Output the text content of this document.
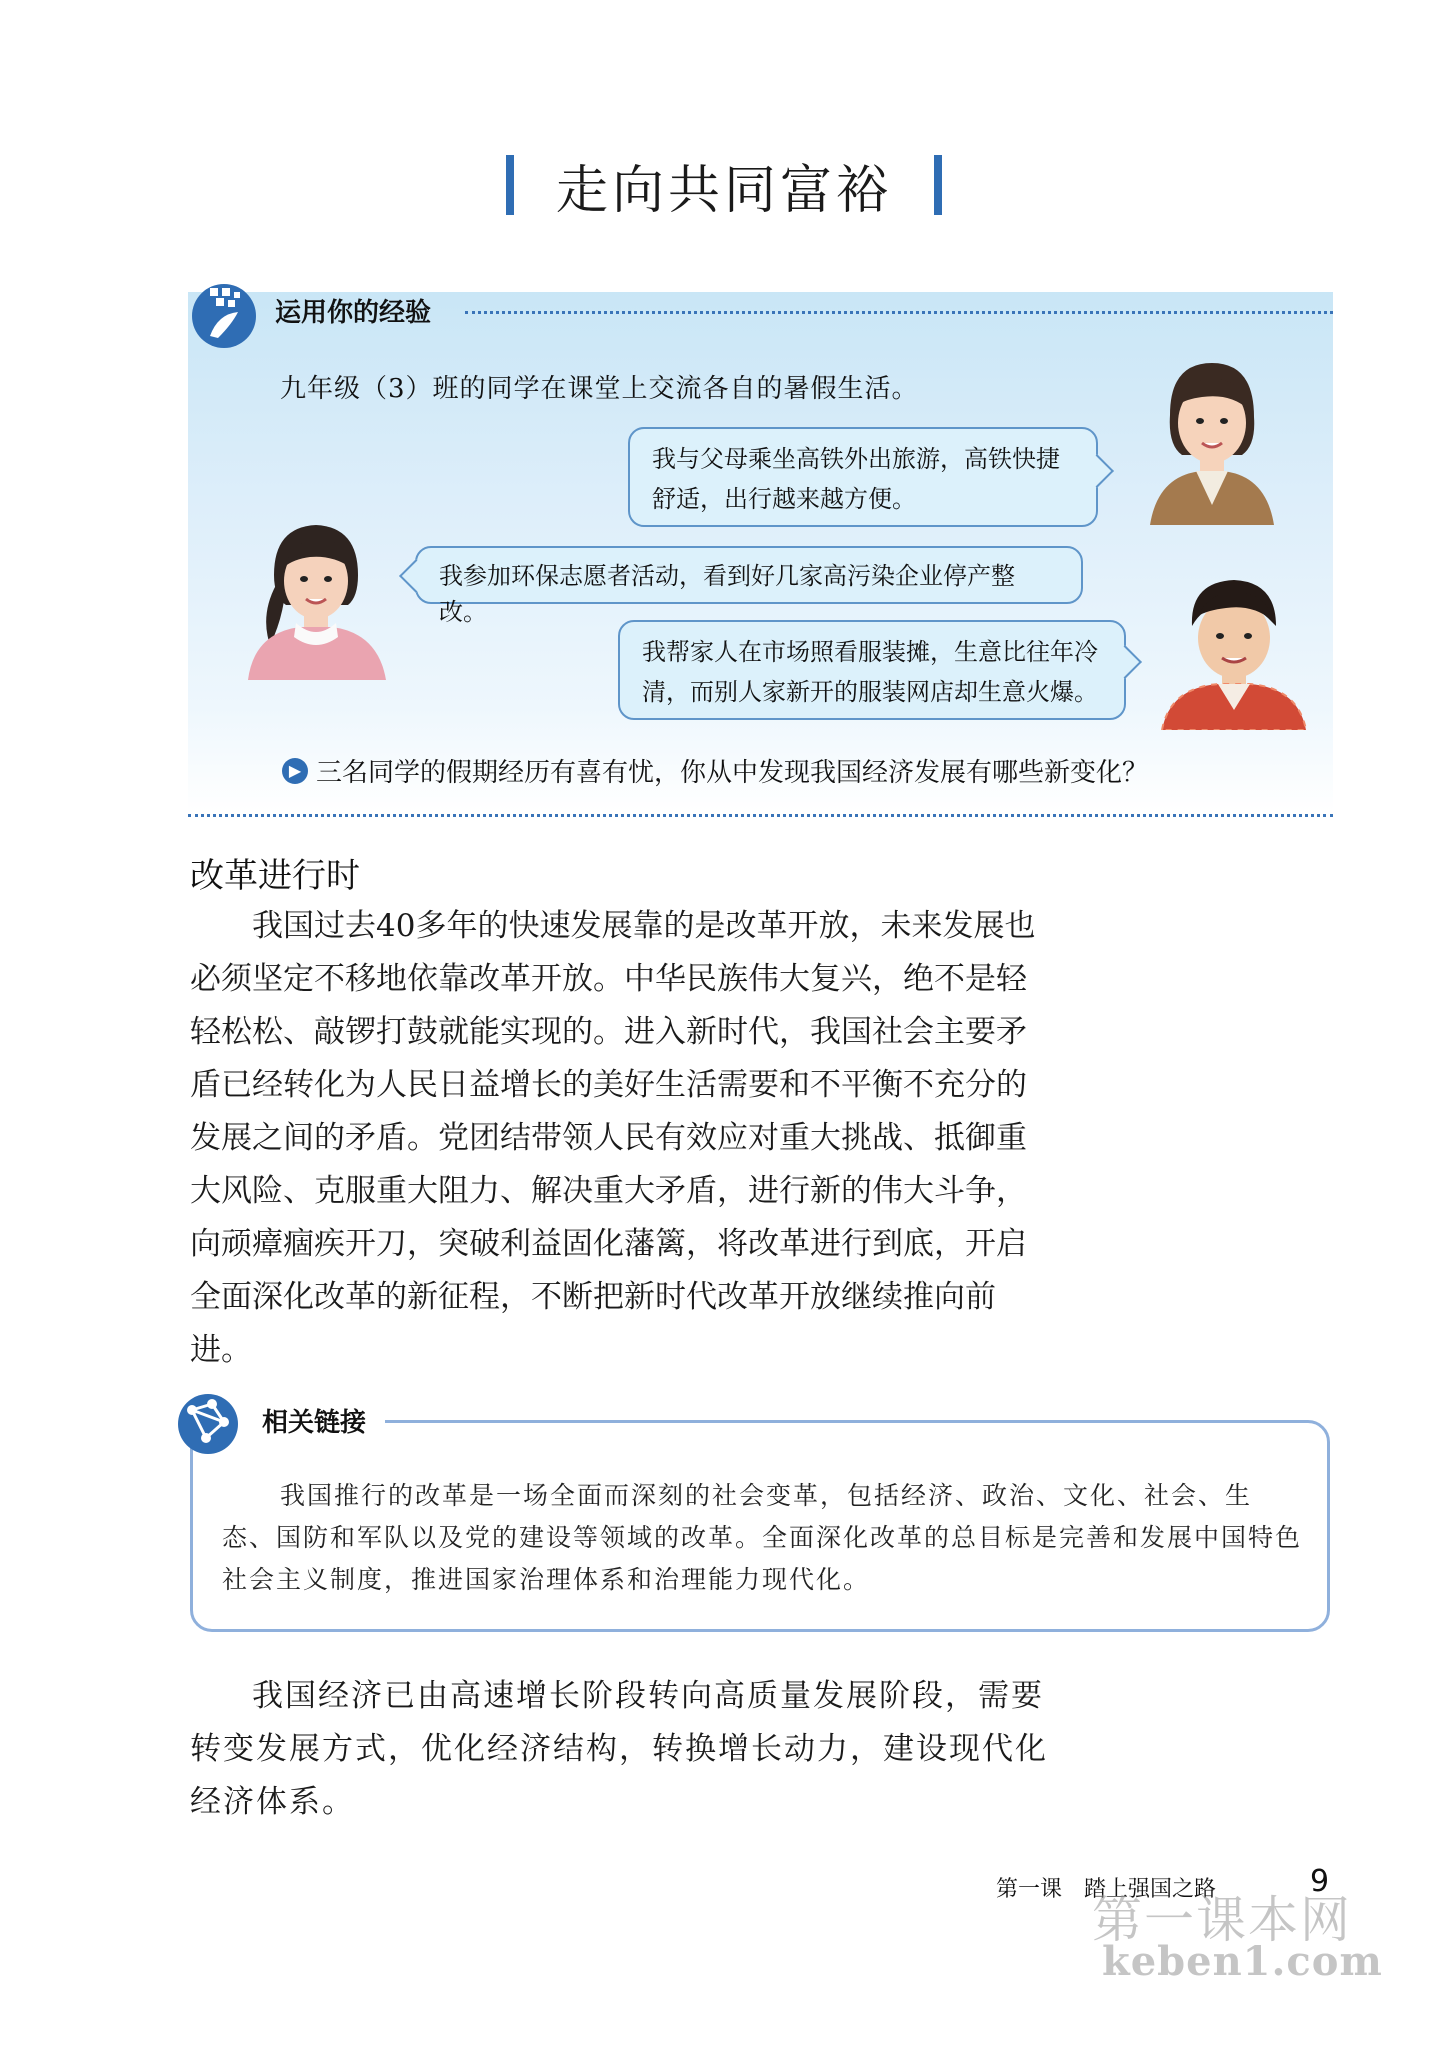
走向共同富裕
运用你的经验
九年级（3）班的同学在课堂上交流各自的暑假生活。
我与父母乘坐高铁外出旅游，高铁快捷舒适，出行越来越方便。
我参加环保志愿者活动，看到好几家高污染企业停产整改。
我帮家人在市场照看服装摊，生意比往年冷清，而别人家新开的服装网店却生意火爆。
▶ 三名同学的假期经历有喜有忧，你从中发现我国经济发展有哪些新变化？
改革进行时

我国过去40多年的快速发展靠的是改革开放，未来发展也必须坚定不移地依靠改革开放。中华民族伟大复兴，绝不是轻轻松松、敲锣打鼓就能实现的。进入新时代，我国社会主要矛盾已经转化为人民日益增长的美好生活需要和不平衡不充分的发展之间的矛盾。党团结带领人民有效应对重大挑战、抵御重大风险、克服重大阻力、解决重大矛盾，进行新的伟大斗争，向顽瘴痼疾开刀，突破利益固化藩篱，将改革进行到底，开启全面深化改革的新征程，不断把新时代改革开放继续推向前进。

相关链接

我国推行的改革是一场全面而深刻的社会变革，包括经济、政治、文化、社会、生态、国防和军队以及党的建设等领域的改革。全面深化改革的总目标是完善和发展中国特色社会主义制度，推进国家治理体系和治理能力现代化。

我国经济已由高速增长阶段转向高质量发展阶段，需要转变发展方式，优化经济结构，转换增长动力，建设现代化经济体系。

第一课　踏上强国之路	9
第一课本网
keben1.com
